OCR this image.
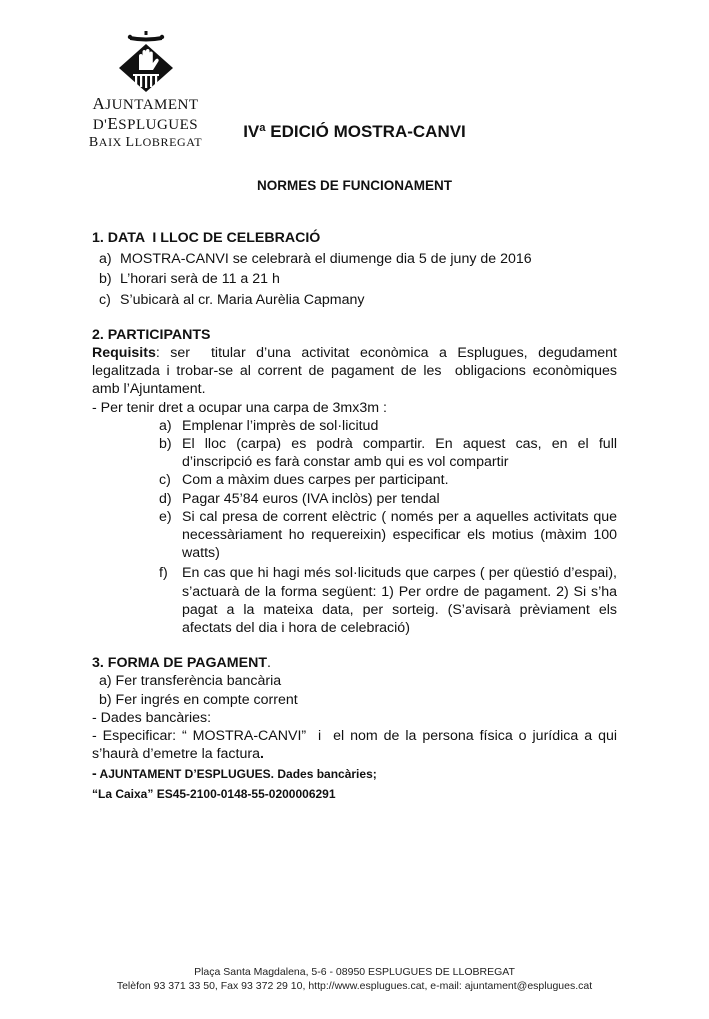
AJUNTAMENT D'ESPLUGUES
BAIX LLOBREGAT
IVª EDICIÓ MOSTRA-CANVI
NORMES DE FUNCIONAMENT
1. DATA  I LLOC DE CELEBRACIÓ
a) MOSTRA-CANVI se celebrarà el diumenge dia 5 de juny de 2016
b) L’horari serà de 11 a 21 h
c) S’ubicarà al cr. Maria Aurèlia Capmany
2. PARTICIPANTS
Requisits: ser  titular d’una activitat econòmica a Esplugues, degudament legalitzada i trobar-se al corrent de pagament de les  obligacions econòmiques amb l’Ajuntament.
- Per tenir dret a ocupar una carpa de 3mx3m :
a) Emplenar l’imprès de sol·licitud
b) El lloc (carpa) es podrà compartir. En aquest cas, en el full d’inscripció es farà constar amb qui es vol compartir
c) Com a màxim dues carpes per participant.
d) Pagar 45’84 euros (IVA inclòs) per tendal
e) Si cal presa de corrent elèctric ( només per a aquelles activitats que necessàriament ho requereixin) especificar els motius (màxim 100 watts)
f)	En cas que hi hagi més sol·licituds que carpes ( per qüestió d’espai), s’actuarà de la forma següent: 1) Per ordre de pagament. 2) Si s’ha pagat a la mateixa data, per sorteig. (S’avisarà prèviament els afectats del dia i hora de celebració)
3. FORMA DE PAGAMENT.
a) Fer transferència bancària
b) Fer ingrés en compte corrent
- Dades bancàries:
- Especificar: “ MOSTRA-CANVI”  i  el nom de la persona física o jurídica a qui s’haurà d’emetre la factura.
- AJUNTAMENT D’ESPLUGUES. Dades bancàries;
“La Caixa” ES45-2100-0148-55-0200006291
Plaça Santa Magdalena, 5-6 - 08950 ESPLUGUES DE LLOBREGAT
Telèfon 93 371 33 50, Fax 93 372 29 10, http://www.esplugues.cat, e-mail: ajuntament@esplugues.cat
